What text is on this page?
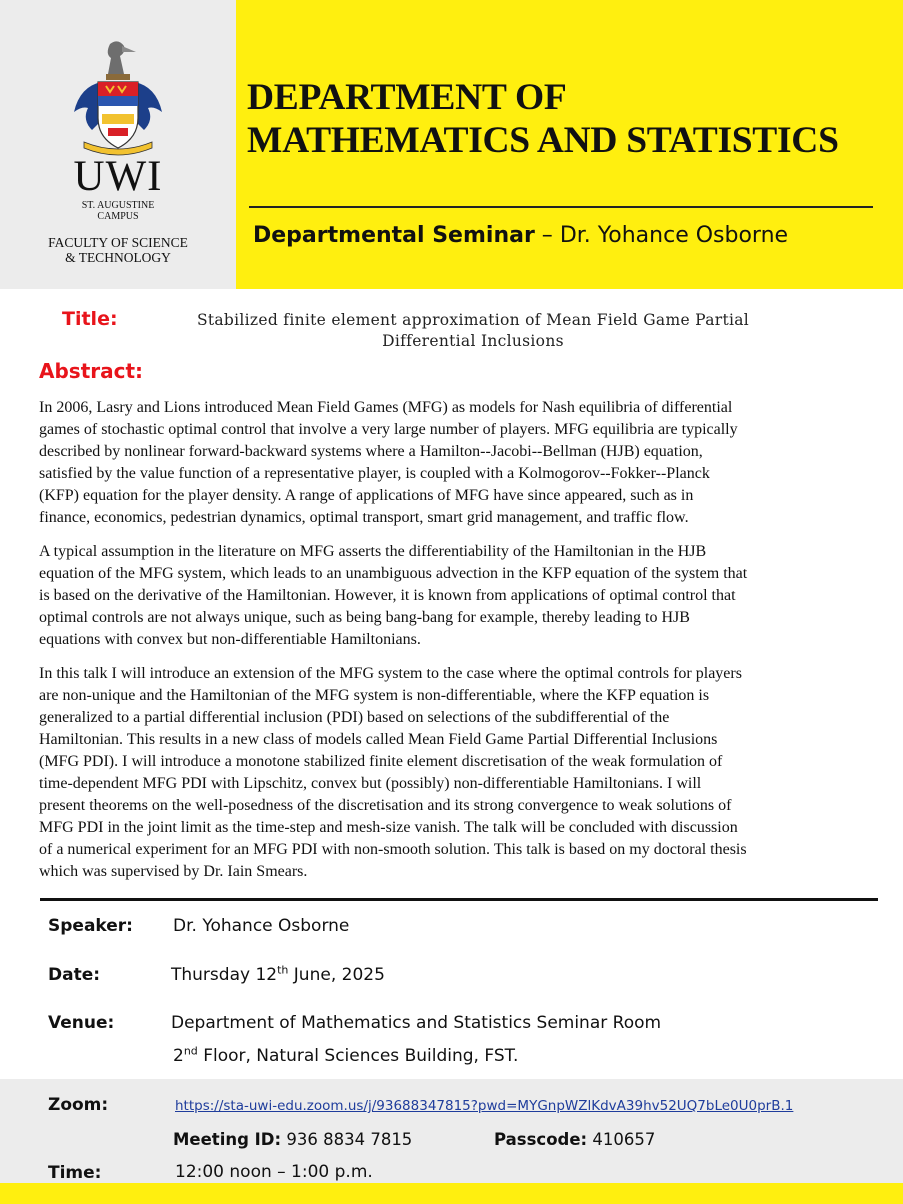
UWI
ST. AUGUSTINE
CAMPUS
FACULTY OF SCIENCE
& TECHNOLOGY
DEPARTMENT OF
MATHEMATICS AND STATISTICS
Departmental Seminar – Dr. Yohance Osborne
Title:	Stabilized finite element approximation of Mean Field Game Partial
Differential Inclusions
Abstract:

In 2006, Lasry and Lions introduced Mean Field Games (MFG) as models for Nash equilibria of differential
games of stochastic optimal control that involve a very large number of players. MFG equilibria are typically
described by nonlinear forward-backward systems where a Hamilton--Jacobi--Bellman (HJB) equation,
satisfied by the value function of a representative player, is coupled with a Kolmogorov--Fokker--Planck
(KFP) equation for the player density. A range of applications of MFG have since appeared, such as in
finance, economics, pedestrian dynamics, optimal transport, smart grid management, and traffic flow.

A typical assumption in the literature on MFG asserts the differentiability of the Hamiltonian in the HJB
equation of the MFG system, which leads to an unambiguous advection in the KFP equation of the system that
is based on the derivative of the Hamiltonian. However, it is known from applications of optimal control that
optimal controls are not always unique, such as being bang-bang for example, thereby leading to HJB
equations with convex but non-differentiable Hamiltonians.

In this talk I will introduce an extension of the MFG system to the case where the optimal controls for players
are non-unique and the Hamiltonian of the MFG system is non-differentiable, where the KFP equation is
generalized to a partial differential inclusion (PDI) based on selections of the subdifferential of the
Hamiltonian. This results in a new class of models called Mean Field Game Partial Differential Inclusions
(MFG PDI). I will introduce a monotone stabilized finite element discretisation of the weak formulation of
time-dependent MFG PDI with Lipschitz, convex but (possibly) non-differentiable Hamiltonians. I will
present theorems on the well-posedness of the discretisation and its strong convergence to weak solutions of
MFG PDI in the joint limit as the time-step and mesh-size vanish. The talk will be concluded with discussion
of a numerical experiment for an MFG PDI with non-smooth solution. This talk is based on my doctoral thesis
which was supervised by Dr. Iain Smears.

Speaker: Dr. Yohance Osborne
Date:	Thursday 12th June, 2025
Venue:	Department of Mathematics and Statistics Seminar Room
2nd Floor, Natural Sciences Building, FST.
Zoom:	https://sta-uwi-edu.zoom.us/j/93688347815?pwd=MYGnpWZlKdvA39hv52UQ7bLe0U0prB.1
Meeting ID: 936 8834 7815	Passcode: 410657
Time:	12:00 noon – 1:00 p.m.
